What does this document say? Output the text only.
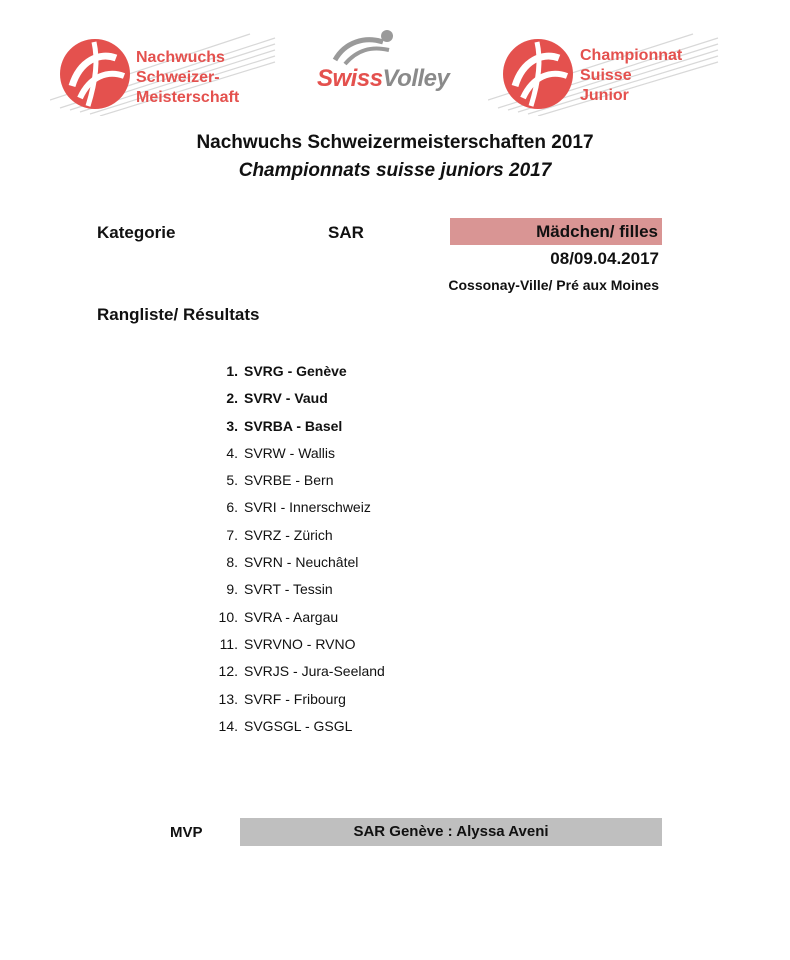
Nachwuchs
Schweizer-
Meisterschaft
SwissVolley
Championnat
Suisse
Junior
Nachwuchs Schweizermeisterschaften 2017
Championnats suisse juniors 2017
Kategorie	SAR	Mädchen/ filles
08/09.04.2017
Cossonay-Ville/ Pré aux Moines
Rangliste/ Résultats
1. SVRG - Genève
2. SVRV - Vaud
3. SVRBA - Basel
4. SVRW - Wallis
5. SVRBE - Bern
6. SVRI - Innerschweiz
7. SVRZ - Zürich
8. SVRN - Neuchâtel
9. SVRT - Tessin
10. SVRA - Aargau
11. SVRVNO - RVNO
12. SVRJS - Jura-Seeland
13. SVRF - Fribourg
14. SVGSGL - GSGL
MVP	SAR Genève : Alyssa Aveni
